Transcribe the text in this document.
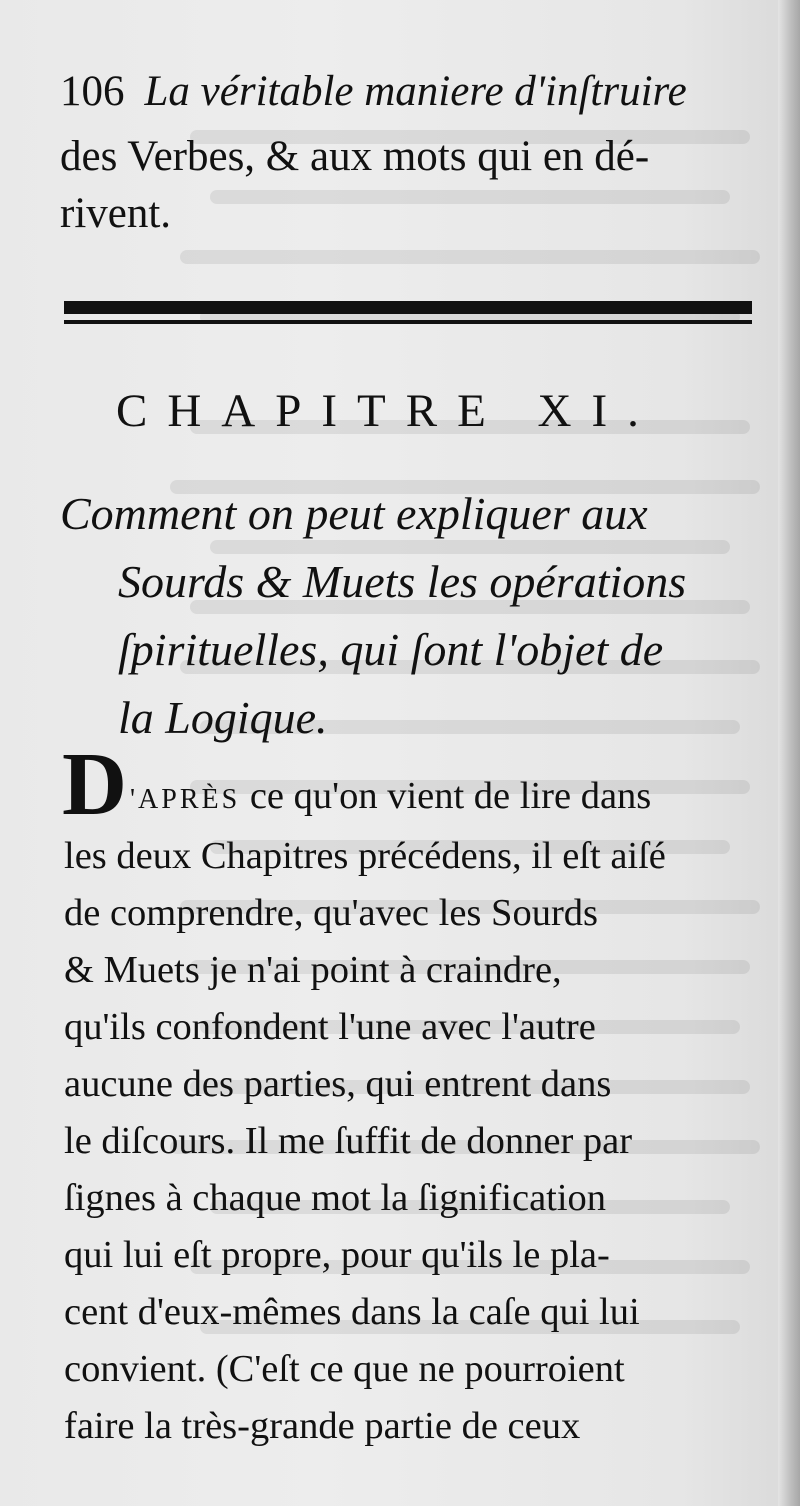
106 La véritable maniere d'inſtruire
des Verbes, & aux mots qui en dé-
rivent.
CHAPITRE XI.
Comment on peut expliquer aux
Sourds & Muets les opérations
ſpirituelles, qui ſont l'objet de
la Logique.
D 'APRÈS ce qu'on vient de lire dans
les deux Chapitres précédens, il eſt aiſé
de comprendre, qu'avec les Sourds
& Muets je n'ai point à craindre,
qu'ils confondent l'une avec l'autre
aucune des parties, qui entrent dans
le diſcours. Il me ſuffit de donner par
ſignes à chaque mot la ſignification
qui lui eſt propre, pour qu'ils le pla-
cent d'eux-mêmes dans la caſe qui lui
convient. (C'eſt ce que ne pourroient
faire la très-grande partie de ceux
